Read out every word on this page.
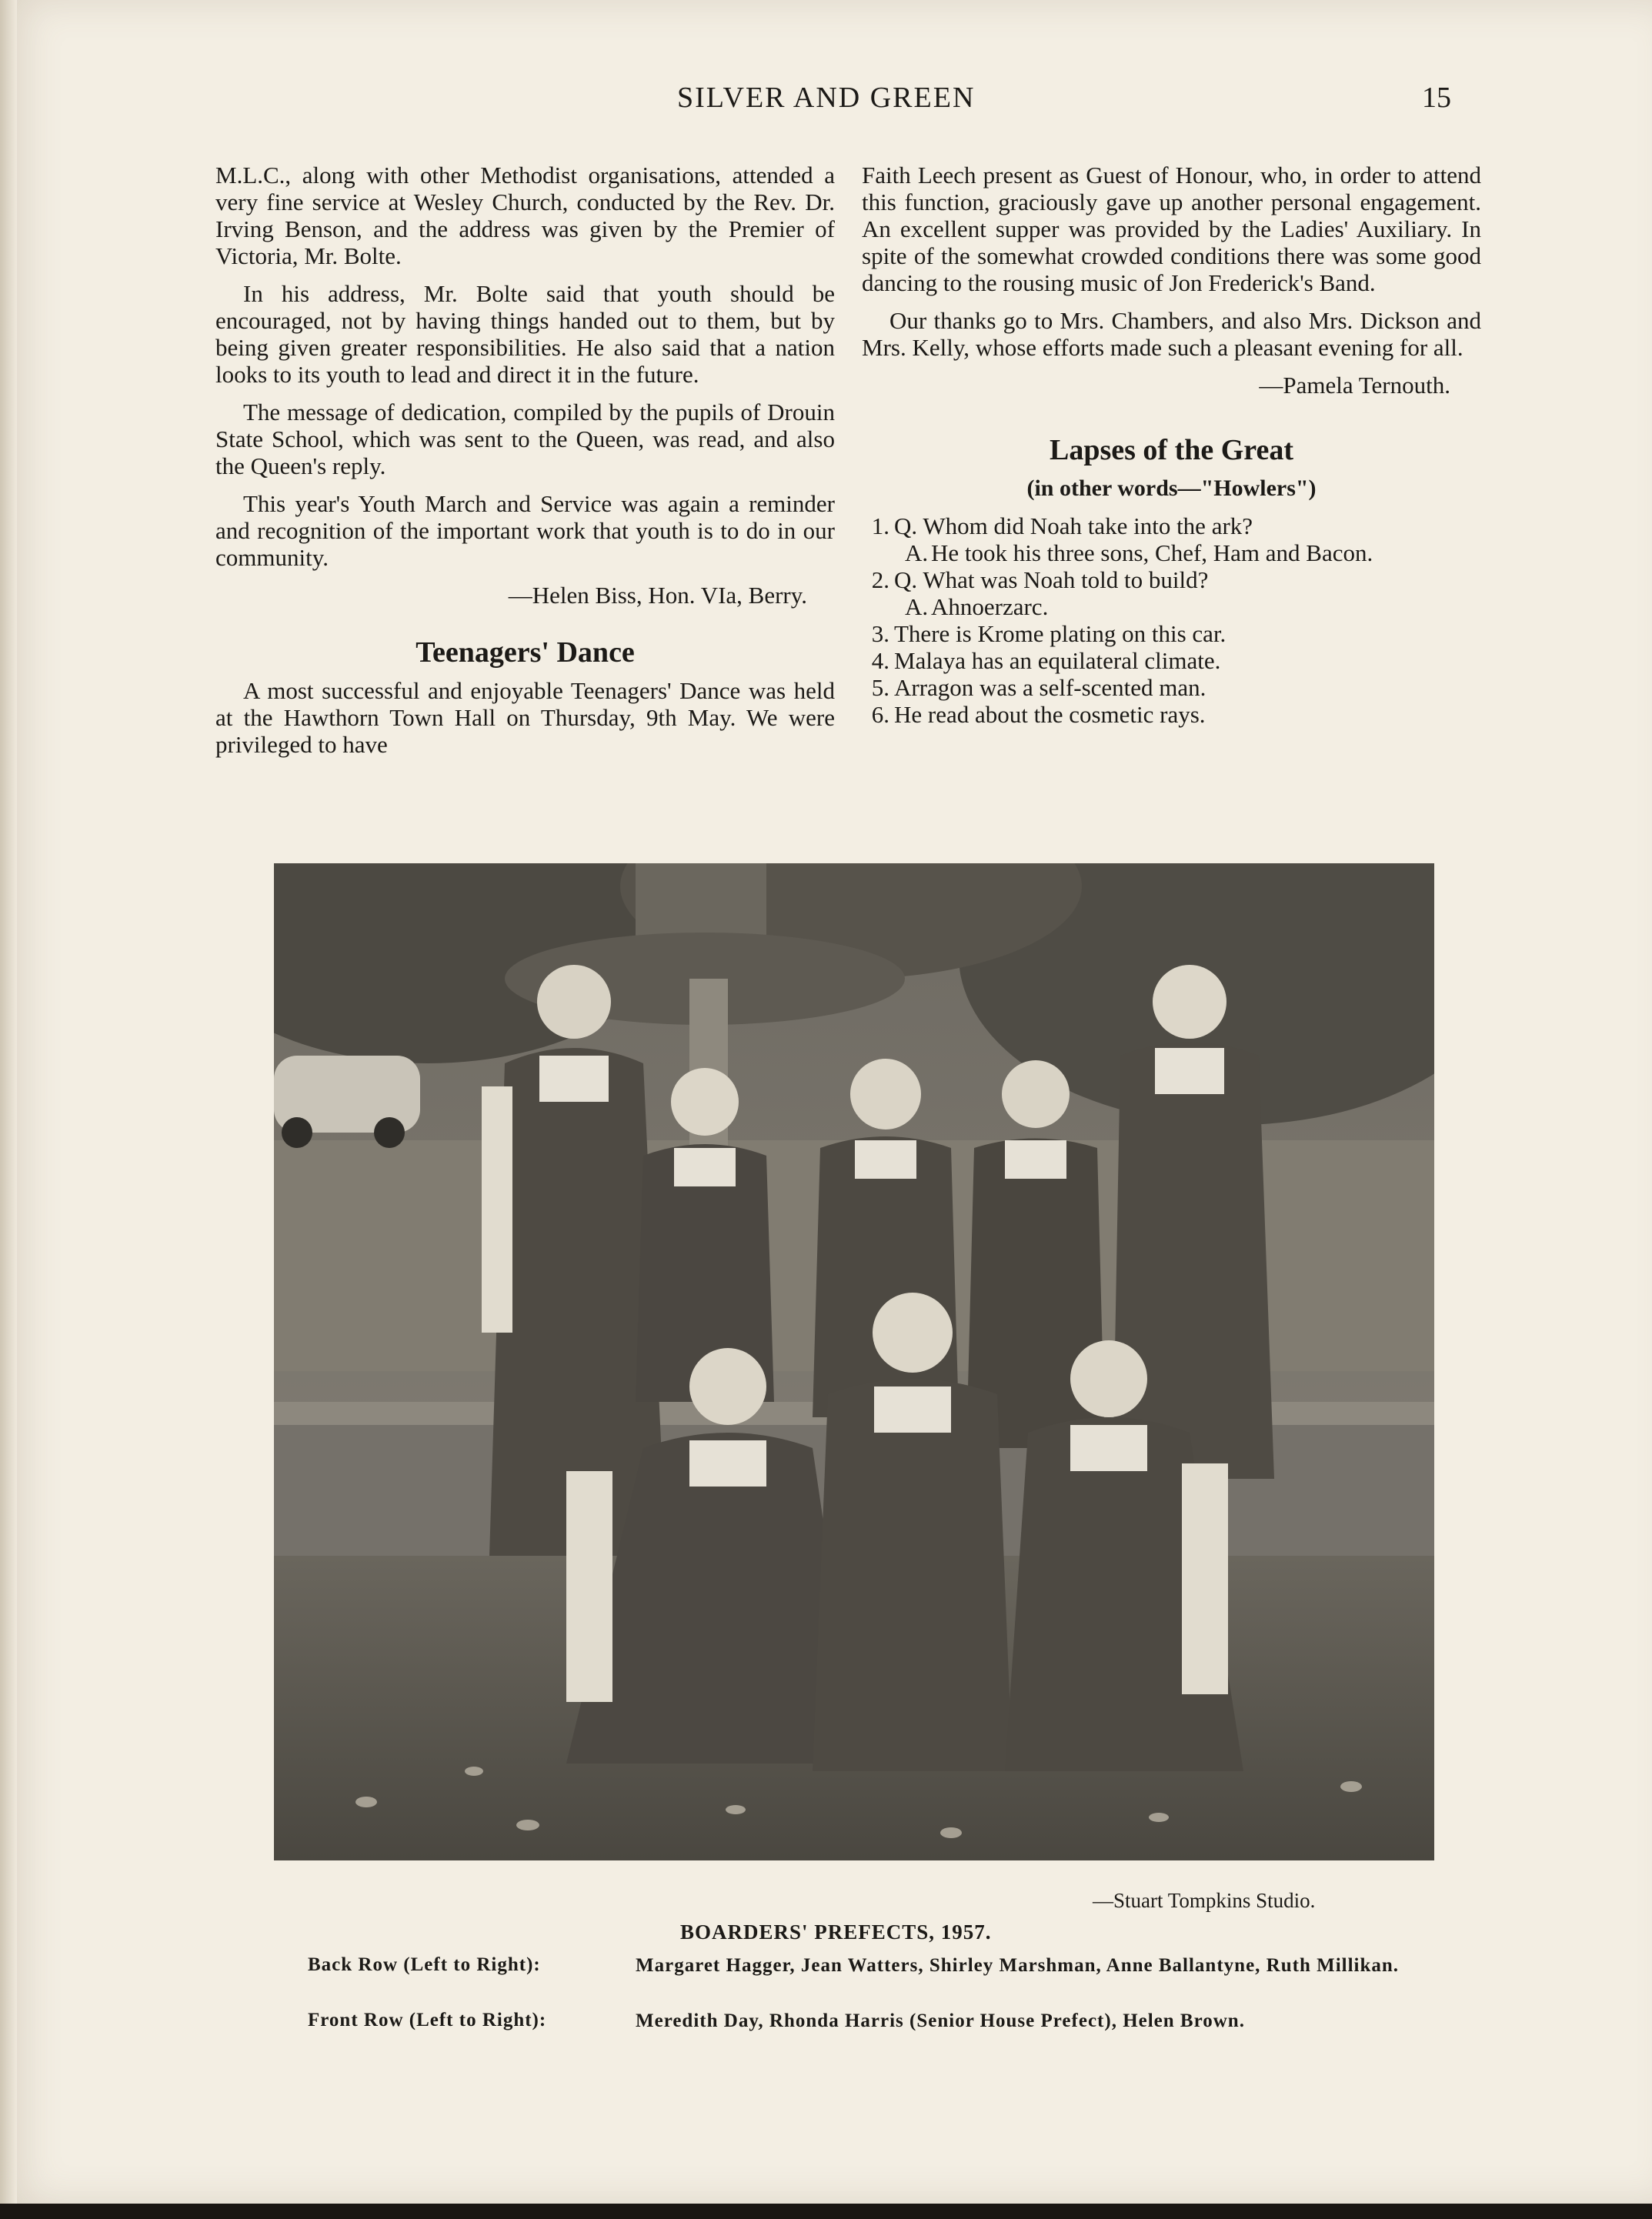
SILVER AND GREEN	15

M.L.C., along with other Methodist organisations, attended a very fine service at Wesley Church, conducted by the Rev. Dr. Irving Benson, and the address was given by the Premier of Victoria, Mr. Bolte.

In his address, Mr. Bolte said that youth should be encouraged, not by having things handed out to them, but by being given greater responsibilities. He also said that a nation looks to its youth to lead and direct it in the future.

The message of dedication, compiled by the pupils of Drouin State School, which was sent to the Queen, was read, and also the Queen's reply.

This year's Youth March and Service was again a reminder and recognition of the important work that youth is to do in our community.

—Helen Biss, Hon. VIa, Berry.
Teenagers' Dance

A most successful and enjoyable Teenagers' Dance was held at the Hawthorn Town Hall on Thursday, 9th May. We were privileged to have

Faith Leech present as Guest of Honour, who, in order to attend this function, graciously gave up another personal engagement. An excellent supper was provided by the Ladies' Auxiliary. In spite of the somewhat crowded conditions there was some good dancing to the rousing music of Jon Frederick's Band.

Our thanks go to Mrs. Chambers, and also Mrs. Dickson and Mrs. Kelly, whose efforts made such a pleasant evening for all.

—Pamela Ternouth.
Lapses of the Great
(in other words—"Howlers")
1. Q. Whom did Noah take into the ark?
A. He took his three sons, Chef, Ham and Bacon.
2. Q. What was Noah told to build?
A. Ahnoerzarc.
3. There is Krome plating on this car.
4. Malaya has an equilateral climate.
5. Arragon was a self-scented man.
6. He read about the cosmetic rays.
—Stuart Tompkins Studio.
BOARDERS' PREFECTS, 1957.
Back Row (Left to Right):	Margaret Hagger, Jean Watters, Shirley Marshman, Anne Ballantyne, Ruth Millikan.
Front Row (Left to Right):	Meredith Day, Rhonda Harris (Senior House Prefect), Helen Brown.
